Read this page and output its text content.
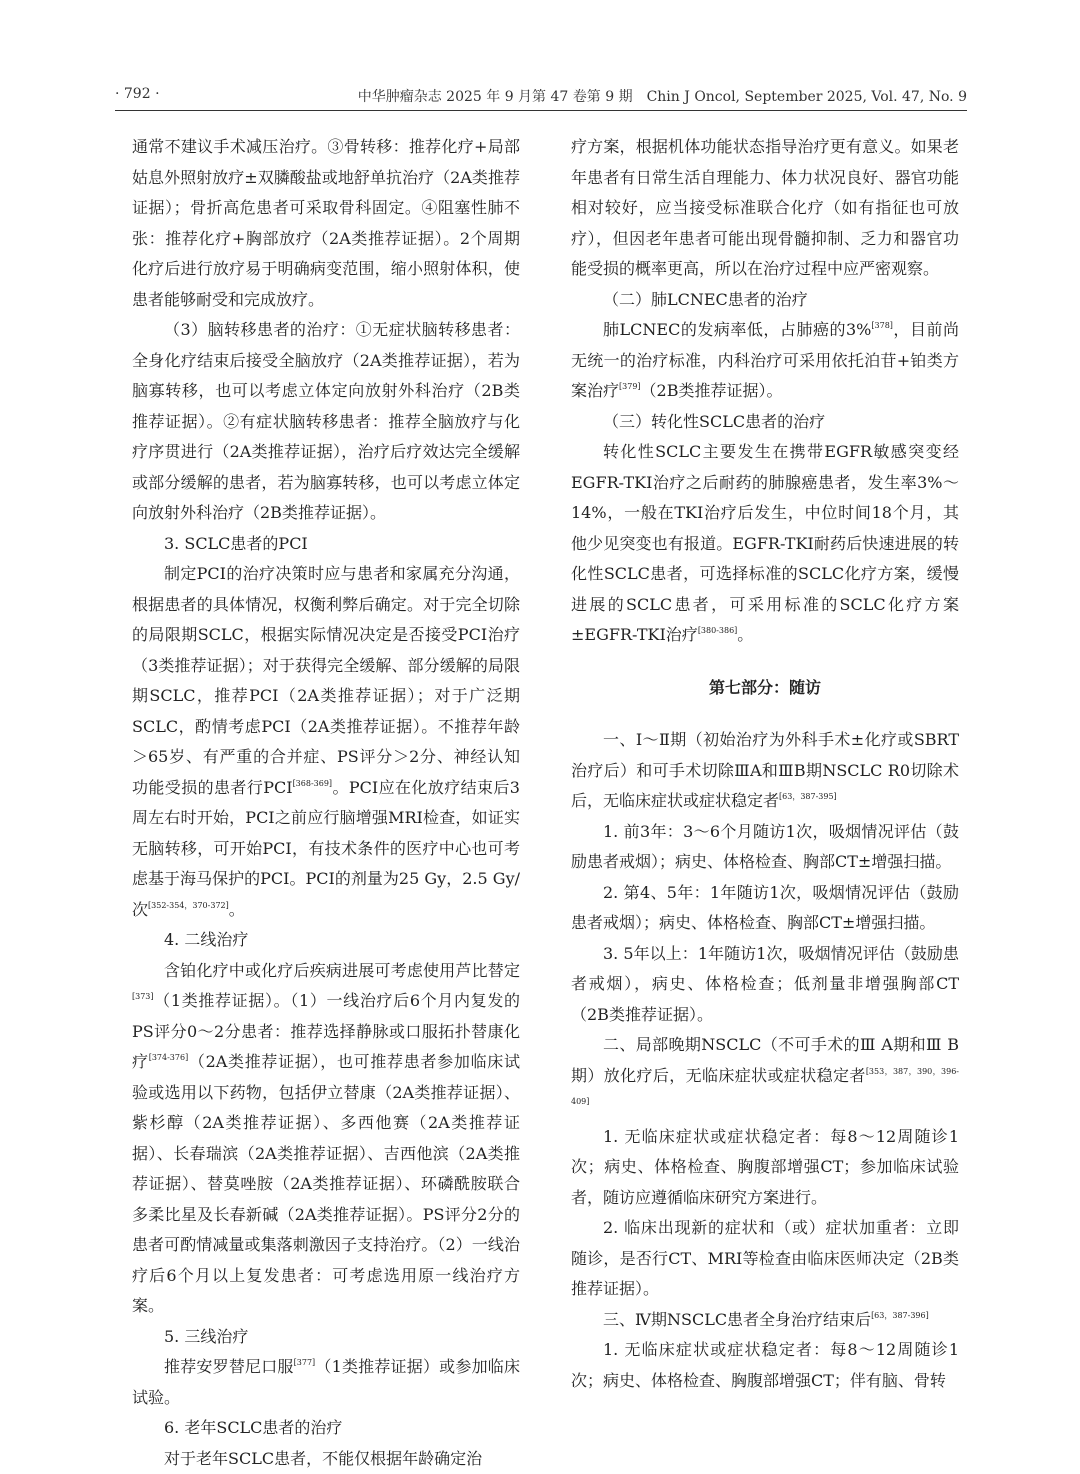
· 792 ·	中华肿瘤杂志 2025 年 9 月第 47 卷第 9 期　Chin J Oncol, September 2025, Vol. 47, No. 9

通常不建议手术减压治疗。③骨转移：推荐化疗+局部姑息外照射放疗±双膦酸盐或地舒单抗治疗（2A类推荐证据）；骨折高危患者可采取骨科固定。④阻塞性肺不张：推荐化疗+胸部放疗（2A类推荐证据）。2个周期化疗后进行放疗易于明确病变范围，缩小照射体积，使患者能够耐受和完成放疗。

（3）脑转移患者的治疗：①无症状脑转移患者：全身化疗结束后接受全脑放疗（2A类推荐证据），若为脑寡转移，也可以考虑立体定向放射外科治疗（2B类推荐证据）。②有症状脑转移患者：推荐全脑放疗与化疗序贯进行（2A类推荐证据），治疗后疗效达完全缓解或部分缓解的患者，若为脑寡转移，也可以考虑立体定向放射外科治疗（2B类推荐证据）。

3. SCLC患者的PCI

制定PCI的治疗决策时应与患者和家属充分沟通，根据患者的具体情况，权衡利弊后确定。对于完全切除的局限期SCLC，根据实际情况决定是否接受PCI治疗（3类推荐证据）；对于获得完全缓解、部分缓解的局限期SCLC，推荐PCI（2A类推荐证据）；对于广泛期SCLC，酌情考虑PCI（2A类推荐证据）。不推荐年龄＞65岁、有严重的合并症、PS评分＞2分、神经认知功能受损的患者行PCI[368-369]。PCI应在化放疗结束后3周左右时开始，PCI之前应行脑增强MRI检查，如证实无脑转移，可开始PCI，有技术条件的医疗中心也可考虑基于海马保护的PCI。PCI的剂量为25 Gy，2.5 Gy/次[352-354，370-372]。

4. 二线治疗

含铂化疗中或化疗后疾病进展可考虑使用芦比替定[373]（1类推荐证据）。（1）一线治疗后6个月内复发的PS评分0～2分患者：推荐选择静脉或口服拓扑替康化疗[374-376]（2A类推荐证据），也可推荐患者参加临床试验或选用以下药物，包括伊立替康（2A类推荐证据）、紫杉醇（2A类推荐证据）、多西他赛（2A类推荐证据）、长春瑞滨（2A类推荐证据）、吉西他滨（2A类推荐证据）、替莫唑胺（2A类推荐证据）、环磷酰胺联合多柔比星及长春新碱（2A类推荐证据）。PS评分2分的患者可酌情减量或集落刺激因子支持治疗。（2）一线治疗后6个月以上复发患者：可考虑选用原一线治疗方案。

5. 三线治疗

推荐安罗替尼口服[377]（1类推荐证据）或参加临床试验。

6. 老年SCLC患者的治疗

对于老年SCLC患者，不能仅根据年龄确定治

疗方案，根据机体功能状态指导治疗更有意义。如果老年患者有日常生活自理能力、体力状况良好、器官功能相对较好，应当接受标准联合化疗（如有指征也可放疗），但因老年患者可能出现骨髓抑制、乏力和器官功能受损的概率更高，所以在治疗过程中应严密观察。

（二）肺LCNEC患者的治疗

肺LCNEC的发病率低，占肺癌的3%[378]，目前尚无统一的治疗标准，内科治疗可采用依托泊苷+铂类方案治疗[379]（2B类推荐证据）。

（三）转化性SCLC患者的治疗

转化性SCLC主要发生在携带EGFR敏感突变经EGFR-TKI治疗之后耐药的肺腺癌患者，发生率3%～14%，一般在TKI治疗后发生，中位时间18个月，其他少见突变也有报道。EGFR-TKI耐药后快速进展的转化性SCLC患者，可选择标准的SCLC化疗方案，缓慢进展的SCLC患者，可采用标准的SCLC化疗方案±EGFR-TKI治疗[380-386]。

第七部分：随访

一、Ⅰ～Ⅱ期（初始治疗为外科手术±化疗或SBRT治疗后）和可手术切除ⅢA和ⅢB期NSCLC R0切除术后，无临床症状或症状稳定者[63，387-395]

1. 前3年：3～6个月随访1次，吸烟情况评估（鼓励患者戒烟）；病史、体格检查、胸部CT±增强扫描。

2. 第4、5年：1年随访1次，吸烟情况评估（鼓励患者戒烟）；病史、体格检查、胸部CT±增强扫描。

3. 5年以上：1年随访1次，吸烟情况评估（鼓励患者戒烟），病史、体格检查；低剂量非增强胸部CT（2B类推荐证据）。

二、局部晚期NSCLC（不可手术的Ⅲ A期和Ⅲ B期）放化疗后，无临床症状或症状稳定者[353，387，390，396-409]

1. 无临床症状或症状稳定者：每8～12周随诊1次；病史、体格检查、胸腹部增强CT；参加临床试验者，随访应遵循临床研究方案进行。

2. 临床出现新的症状和（或）症状加重者：立即随诊，是否行CT、MRI等检查由临床医师决定（2B类推荐证据）。

三、Ⅳ期NSCLC患者全身治疗结束后[63，387-396]

1. 无临床症状或症状稳定者：每8～12周随诊1次；病史、体格检查、胸腹部增强CT；伴有脑、骨转
